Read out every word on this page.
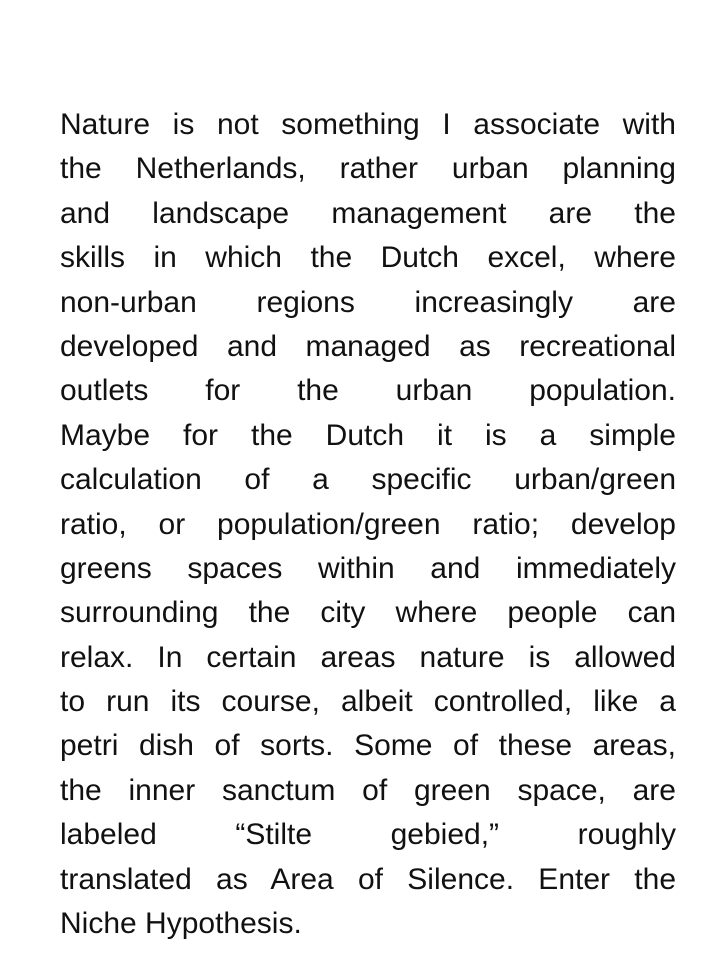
Nature is not something I associate with
the Netherlands, rather urban planning
and landscape management are the
skills in which the Dutch excel, where
non-urban regions increasingly are
developed and managed as recreational
outlets for the urban population.
Maybe for the Dutch it is a simple
calculation of a specific urban/green
ratio, or population/green ratio; develop
greens spaces within and immediately
surrounding the city where people can
relax. In certain areas nature is allowed
to run its course, albeit controlled, like a
petri dish of sorts. Some of these areas,
the inner sanctum of green space, are
labeled “Stilte gebied,” roughly
translated as Area of Silence. Enter the
Niche Hypothesis.
